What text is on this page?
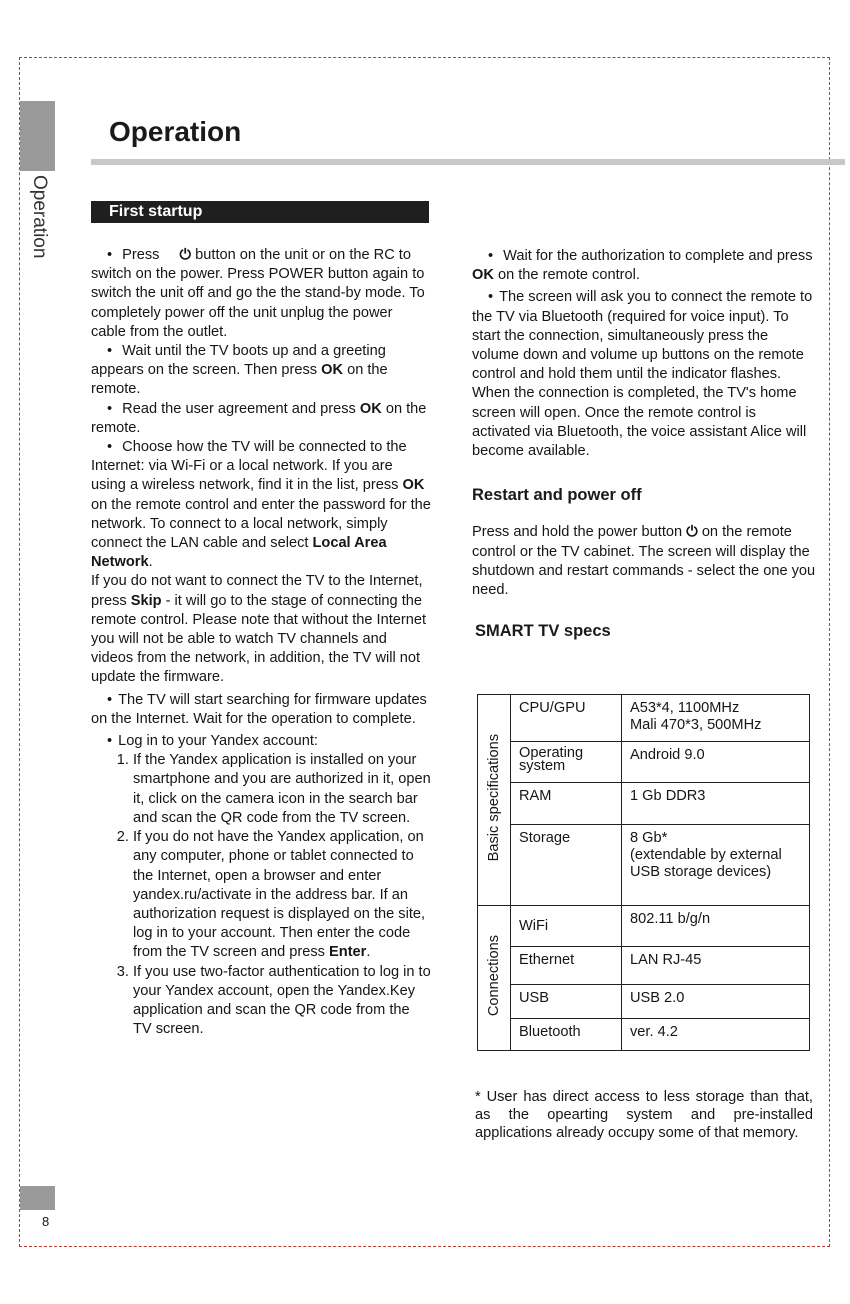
Operation
Operation
First startup

• Press ⏻ button on the unit or on the RC to switch on the power. Press POWER button again to switch the unit off and go the the stand-by mode. To completely power off the unit unplug the power cable from the outlet.

• Wait until the TV boots up and a greeting appears on the screen. Then press OK on the remote.

• Read the user agreement and press OK on the remote.

• Choose how the TV will be connected to the Internet: via Wi-Fi or a local network. If you are using a wireless network, find it in the list, press OK on the remote control and enter the password for the network. To connect to a local network, simply connect the LAN cable and select Local Area Network.

If you do not want to connect the TV to the Internet, press Skip - it will go to the stage of connecting the remote control. Please note that without the Internet you will not be able to watch TV channels and videos from the network, in addition, the TV will not update the firmware.

• The TV will start searching for firmware updates on the Internet. Wait for the operation to complete.

• Log in to your Yandex account:

1. If the Yandex application is installed on your smartphone and you are authorized in it, open it, click on the camera icon in the search bar and scan the QR code from the TV screen.
2. If you do not have the Yandex application, on any computer, phone or tablet connected to the Internet, open a browser and enter yandex.ru/activate in the address bar. If an authorization request is displayed on the site, log in to your account. Then enter the code from the TV screen and press Enter.
3. If you use two-factor authentication to log in to your Yandex account, open the Yandex.Key application and scan the QR code from the TV screen.

• Wait for the authorization to complete and press OK on the remote control.

• The screen will ask you to connect the remote to the TV via Bluetooth (required for voice input). To start the connection, simultaneously press the volume down and volume up buttons on the remote control and hold them until the indicator flashes. When the connection is completed, the TV's home screen will open. Once the remote control is activated via Bluetooth, the voice assistant Alice will become available.

Restart and power off

Press and hold the power button ⏻ on the remote control or the TV cabinet. The screen will display the shutdown and restart commands - select the one you need.

SMART TV specs

Basic specifications	CPU/GPU	A53*4, 1100MHz
Mali 470*3, 500MHz
	Operating system	Android 9.0
	RAM	1 Gb DDR3
	Storage	8 Gb*
(extendable by external USB storage devices)
Connections	WiFi	802.11 b/g/n
	Ethernet	LAN RJ-45
	USB	USB 2.0
	Bluetooth	ver. 4.2
* User has direct access to less storage than that, as the opearting system and pre-installed applications already occupy some of that memory.
8
